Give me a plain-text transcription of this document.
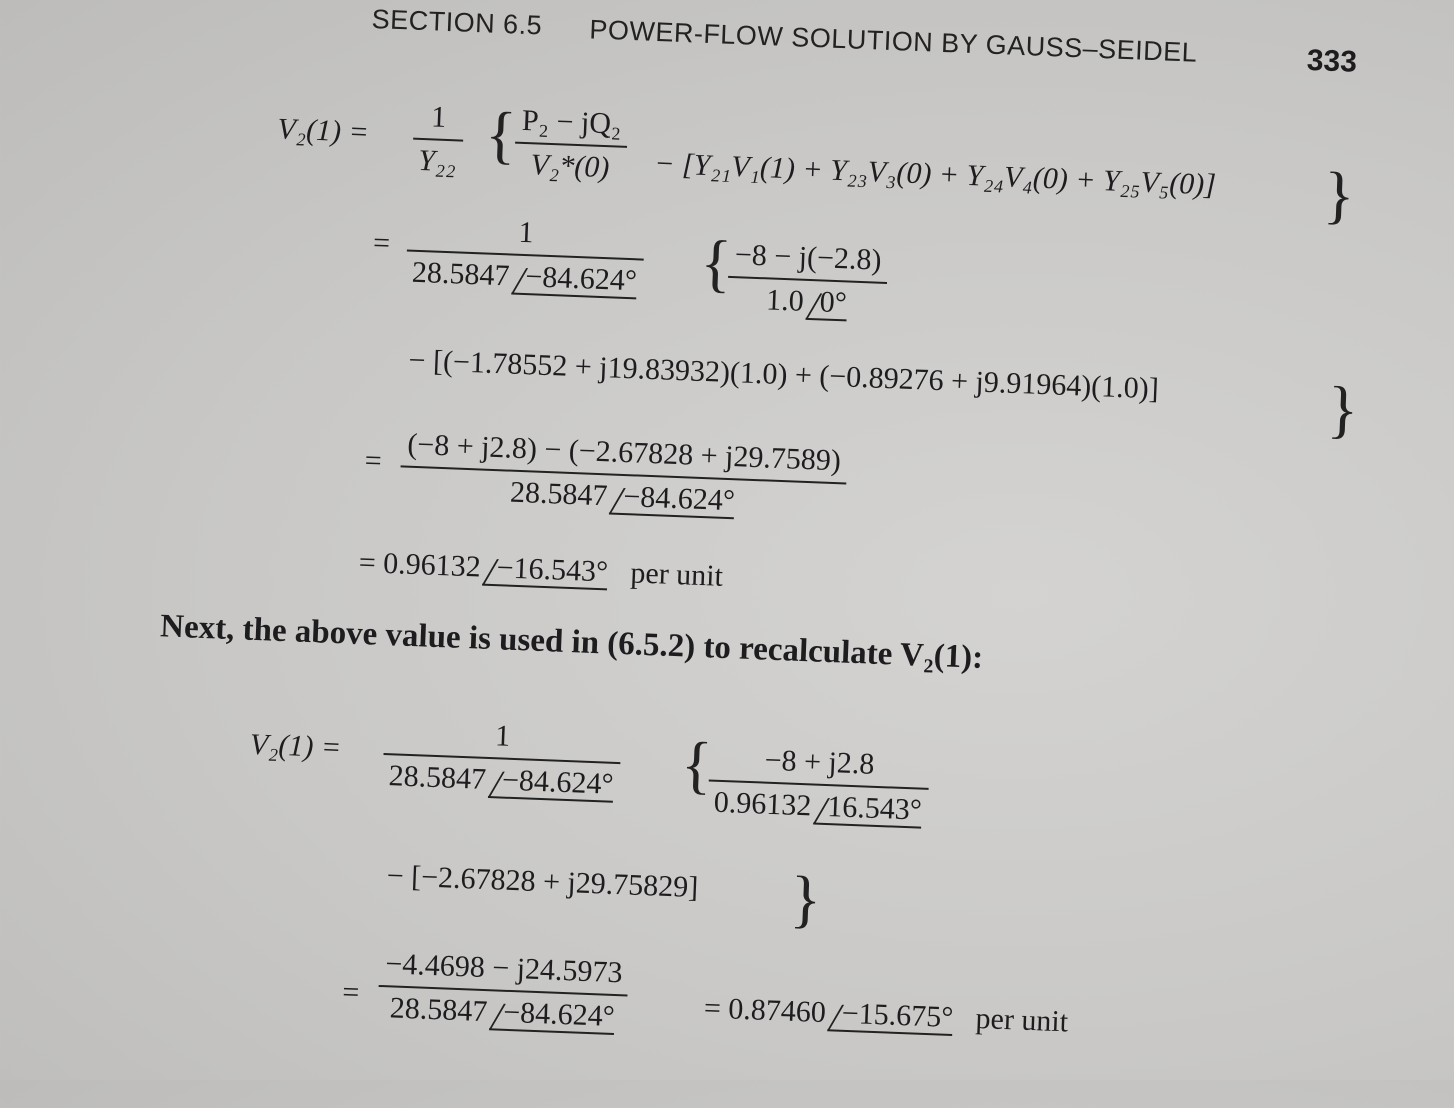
SECTION 6.5 POWER-FLOW SOLUTION BY GAUSS–SEIDEL	333
$V_2(1) = \frac{1}{\text{Y₂₂}}$ {
$\frac{\text{P₂ − jQ₂}}{\text{V₂*(0)}} - [Y_{21}V_1(1) + Y_{23}V_3(0) + Y_{24}V_4(0) + Y_{25}V_5(0)]$ }
= $\frac{1}{28.5847 -84.624^\circ}$ {
$\frac{-8 - j(-2.8)}{1.0 0^\circ}$
− [(−1.78552 + j19.83932)(1.0) + (−0.89276 + j9.91964)(1.0)]	}
= (−8 + j2.8) − (−2.67828 + j29.7589)
28.5847 −84.624°
= 0.96132 −16.543° per unit
Next, the above value is used in (6.5.2) to recalculate V₂(1):
$V_2(1) = \frac{1}{28.5847 -84.624^\circ}$ {
$\frac{-8 + j2.8}{0.96132 16.543^\circ}$
− [−2.67828 + j29.75829] }
= $\frac{-4.4698 - j24.5973}{28.5847 -84.624^\circ} = 0.87460 -15.675^\circ$ per unit
